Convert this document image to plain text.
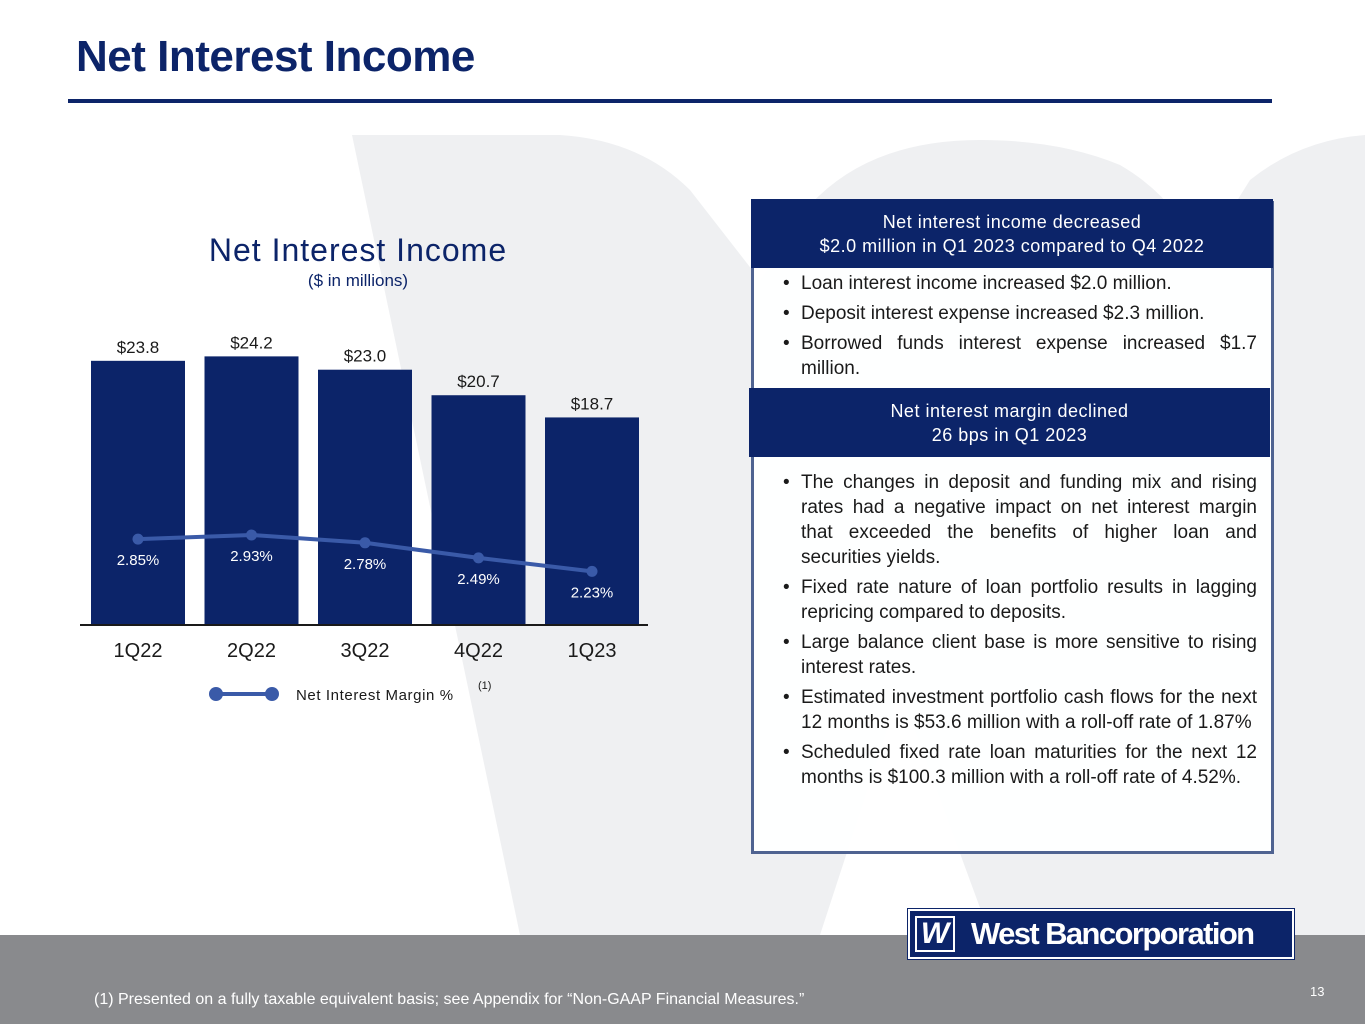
Net Interest Income
Net Interest Income
($ in millions)
$23.8
1Q22
$24.2
2Q22
$23.0
3Q22
$20.7
4Q22
$18.7
1Q23
2.85%	2.93%	2.78%
2.49%
2.23%
Net Interest Margin %
(1)
Net interest income decreased
$2.0 million in Q1 2023 compared to Q4 2022
• Loan interest income increased $2.0 million.
• Deposit interest expense increased $2.3 million.
• Borrowed funds interest expense increased $1.7 million.
Net interest margin declined
26 bps in Q1 2023
• The changes in deposit and funding mix and rising rates had a negative impact on net interest margin that exceeded the benefits of higher loan and securities yields.
• Fixed rate nature of loan portfolio results in lagging repricing compared to deposits.
• Large balance client base is more sensitive to rising interest rates.
• Estimated investment portfolio cash flows for the next 12 months is $53.6 million with a roll-off rate of 1.87%
• Scheduled fixed rate loan maturities for the next 12 months is $100.3 million with a roll-off rate of 4.52%.
(1) Presented on a fully taxable equivalent basis; see Appendix for “Non-GAAP Financial Measures.”	13
W West Bancorporation
